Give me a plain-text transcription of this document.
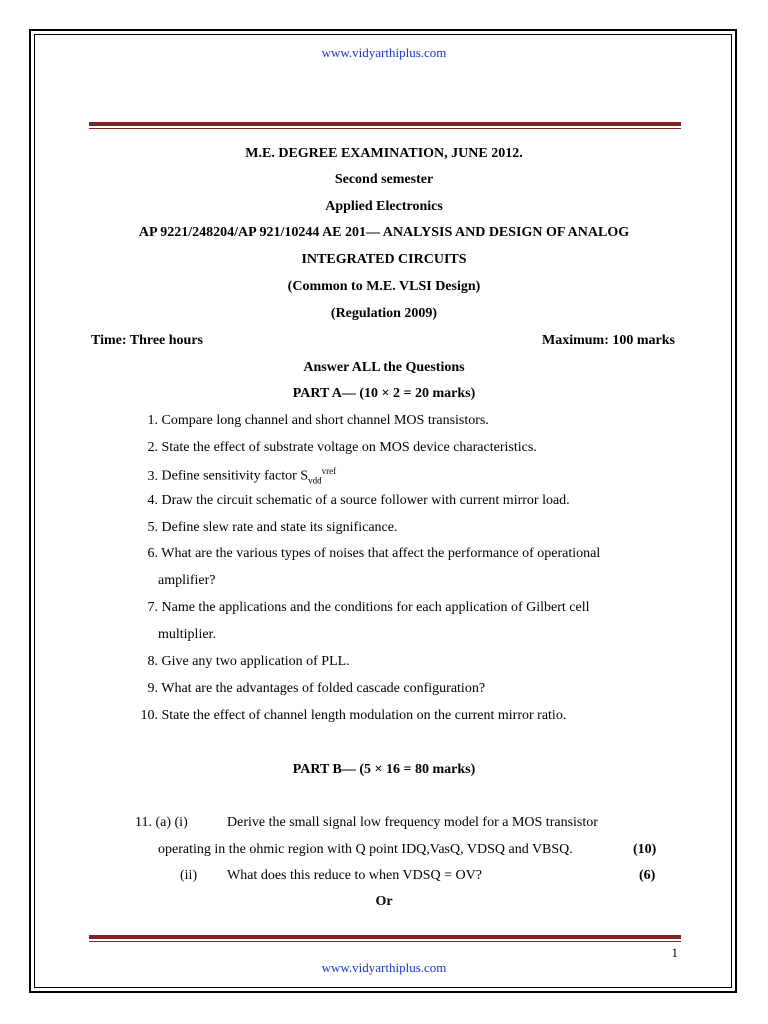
www.vidyarthiplus.com
M.E. DEGREE EXAMINATION, JUNE 2012.
Second semester
Applied Electronics
AP 9221/248204/AP 921/10244 AE 201— ANALYSIS AND DESIGN OF ANALOG
INTEGRATED CIRCUITS
(Common to M.E. VLSI Design)
(Regulation 2009)
Time: Three hours	Maximum: 100 marks
Answer ALL the Questions
PART A— (10 × 2 = 20 marks)
1. Compare long channel and short channel MOS transistors.
2. State the effect of substrate voltage on MOS device characteristics.
3. Define sensitivity factor $S_{vdd}^{vref}$
4. Draw the circuit schematic of a source follower with current mirror load.
5. Define slew rate and state its significance.
6. What are the various types of noises that affect the performance of operational
amplifier?
7. Name the applications and the conditions for each application of Gilbert cell
multiplier.
8. Give any two application of PLL.
9. What are the advantages of folded cascade configuration?
10. State the effect of channel length modulation on the current mirror ratio.
PART B— (5 × 16 = 80 marks)
11. (a) (i)	Derive the small signal low frequency model for a MOS transistor
operating in the ohmic region with Q point IDQ,VasQ, VDSQ and VBSQ.	(10)
(ii) What does this reduce to when VDSQ = OV?	(6)
Or
1
www.vidyarthiplus.com
